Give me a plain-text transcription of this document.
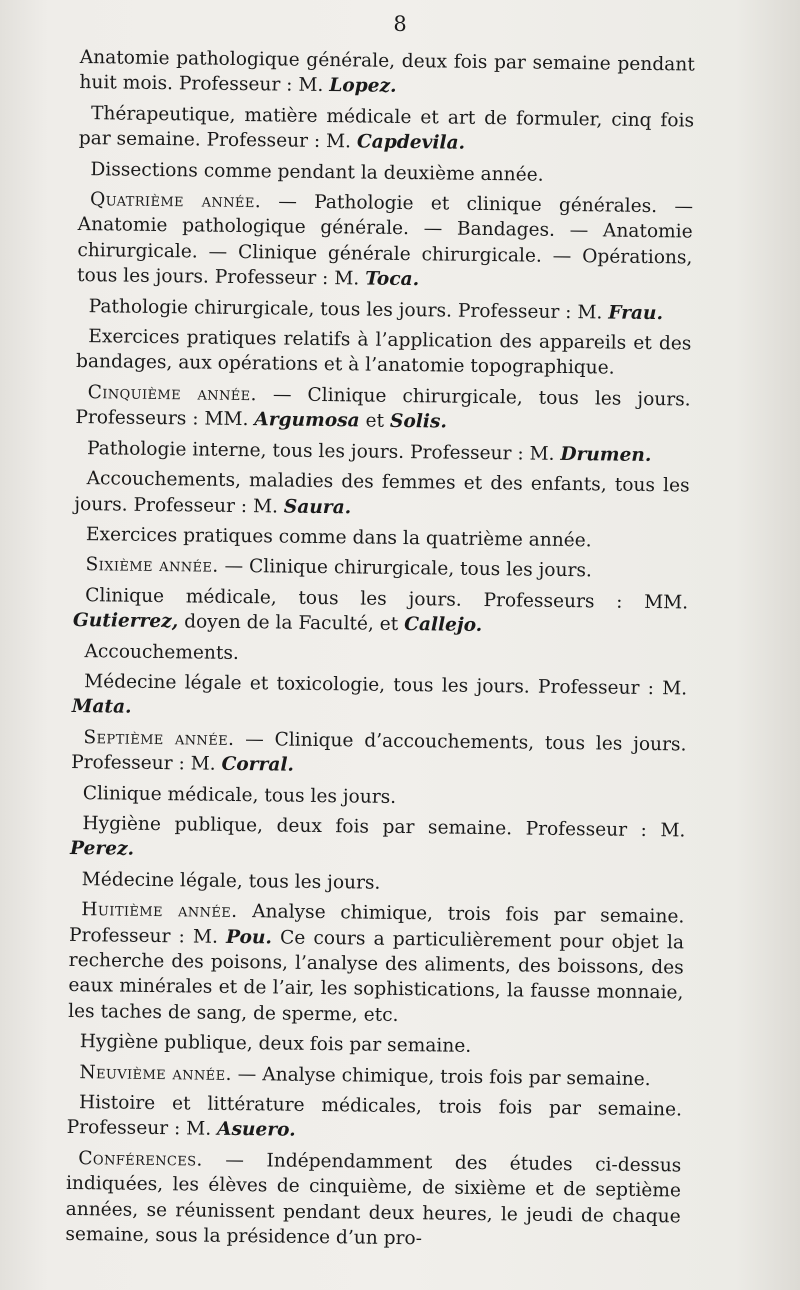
8

Anatomie pathologique générale, deux fois par semaine pendant huit mois. Professeur : M. Lopez.

Thérapeutique, matière médicale et art de formuler, cinq fois par semaine. Professeur : M. Capdevila.

Dissections comme pendant la deuxième année.

Quatrième année. — Pathologie et clinique générales. — Anatomie pathologique générale. — Bandages. — Anatomie chirurgicale. — Clinique générale chirurgicale. — Opérations, tous les jours. Professeur : M. Toca.

Pathologie chirurgicale, tous les jours. Professeur : M. Frau.

Exercices pratiques relatifs à l’application des appareils et des bandages, aux opérations et à l’anatomie topographique.

Cinquième année. — Clinique chirurgicale, tous les jours. Professeurs : MM. Argumosa et Solis.

Pathologie interne, tous les jours. Professeur : M. Drumen.

Accouchements, maladies des femmes et des enfants, tous les jours. Professeur : M. Saura.

Exercices pratiques comme dans la quatrième année.

Sixième année. — Clinique chirurgicale, tous les jours.

Clinique médicale, tous les jours. Professeurs : MM. Gutierrez, doyen de la Faculté, et Callejo.

Accouchements.

Médecine légale et toxicologie, tous les jours. Professeur : M. Mata.

Septième année. — Clinique d’accouchements, tous les jours. Professeur : M. Corral.

Clinique médicale, tous les jours.

Hygiène publique, deux fois par semaine. Professeur : M. Perez.

Médecine légale, tous les jours.

Huitième année. Analyse chimique, trois fois par semaine. Professeur : M. Pou. Ce cours a particulièrement pour objet la recherche des poisons, l’analyse des aliments, des boissons, des eaux minérales et de l’air, les sophistications, la fausse monnaie, les taches de sang, de sperme, etc.

Hygiène publique, deux fois par semaine.

Neuvième année. — Analyse chimique, trois fois par semaine.

Histoire et littérature médicales, trois fois par semaine. Professeur : M. Asuero.

Conférences. — Indépendamment des études ci-dessus indiquées, les élèves de cinquième, de sixième et de septième années, se réunissent pendant deux heures, le jeudi de chaque semaine, sous la présidence d’un pro-
